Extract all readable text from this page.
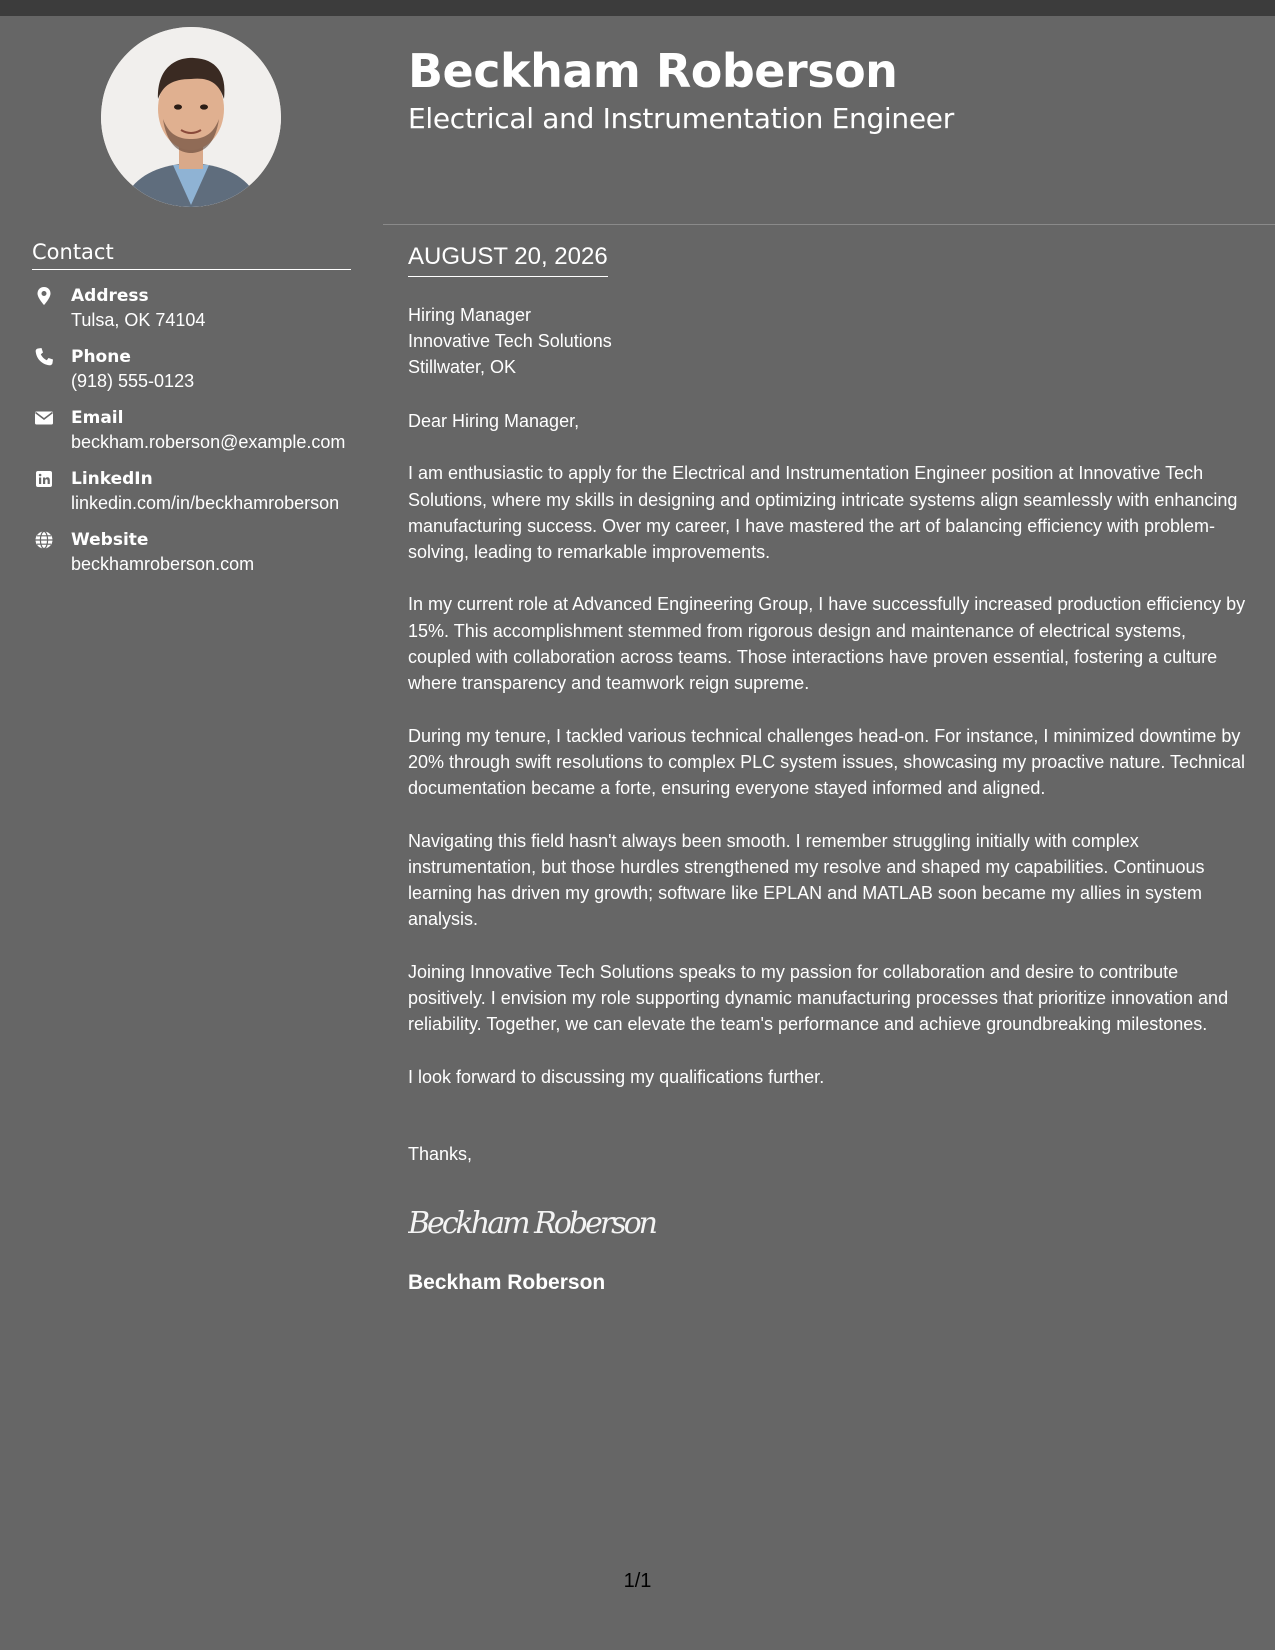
Contact
Address
Tulsa, OK 74104
Phone
(918) 555-0123
Email
beckham.roberson@example.com
LinkedIn
linkedin.com/in/beckhamroberson
Website
beckhamroberson.com
Beckham Roberson
Electrical and Instrumentation Engineer
AUGUST 20, 2026
Hiring Manager
Innovative Tech Solutions
Stillwater, OK

Dear Hiring Manager,

I am enthusiastic to apply for the Electrical and Instrumentation Engineer position at Innovative Tech Solutions, where my skills in designing and optimizing intricate systems align seamlessly with enhancing manufacturing success. Over my career, I have mastered the art of balancing efficiency with problem-solving, leading to remarkable improvements.

In my current role at Advanced Engineering Group, I have successfully increased production efficiency by 15%. This accomplishment stemmed from rigorous design and maintenance of electrical systems, coupled with collaboration across teams. Those interactions have proven essential, fostering a culture where transparency and teamwork reign supreme.

During my tenure, I tackled various technical challenges head-on. For instance, I minimized downtime by 20% through swift resolutions to complex PLC system issues, showcasing my proactive nature. Technical documentation became a forte, ensuring everyone stayed informed and aligned.

Navigating this field hasn't always been smooth. I remember struggling initially with complex instrumentation, but those hurdles strengthened my resolve and shaped my capabilities. Continuous learning has driven my growth; software like EPLAN and MATLAB soon became my allies in system analysis.

Joining Innovative Tech Solutions speaks to my passion for collaboration and desire to contribute positively. I envision my role supporting dynamic manufacturing processes that prioritize innovation and reliability. Together, we can elevate the team's performance and achieve groundbreaking milestones.

I look forward to discussing my qualifications further.

Thanks,
Beckham Roberson
Beckham Roberson
1/1
